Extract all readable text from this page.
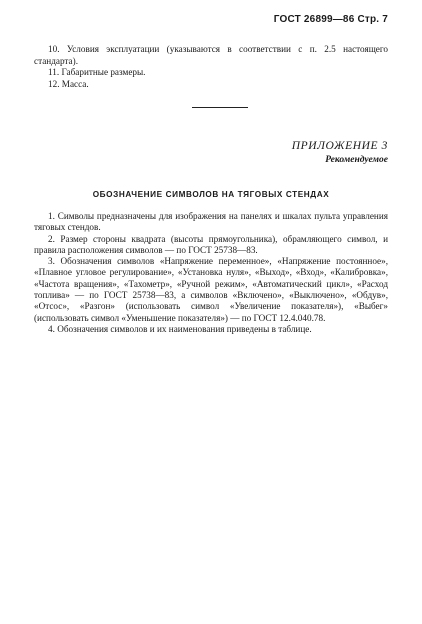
ГОСТ 26899—86 Стр. 7

10. Условия эксплуатации (указываются в соответствии с п. 2.5 настоящего стандарта).

11. Габаритные размеры.

12. Масса.

ПРИЛОЖЕНИЕ 3
Рекомендуемое
ОБОЗНАЧЕНИЕ СИМВОЛОВ НА ТЯГОВЫХ СТЕНДАХ

1. Символы предназначены для изображения на панелях и шкалах пульта управления тяговых стендов.

2. Размер стороны квадрата (высоты прямоугольника), обрамляющего символ, и правила расположения символов — по ГОСТ 25738—83.

3. Обозначения символов «Напряжение переменное», «Напряжение постоянное», «Плавное угловое регулирование», «Установка нуля», «Выход», «Вход», «Калибровка», «Частота вращения», «Тахометр», «Ручной режим», «Автоматический цикл», «Расход топлива» — по ГОСТ 25738—83, а символов «Включено», «Выключено», «Обдув», «Отсос», «Разгон» (использовать символ «Увеличение показателя»), «Выбег» (использовать символ «Уменьшение показателя») — по ГОСТ 12.4.040.78.

4. Обозначения символов и их наименования приведены в таблице.
